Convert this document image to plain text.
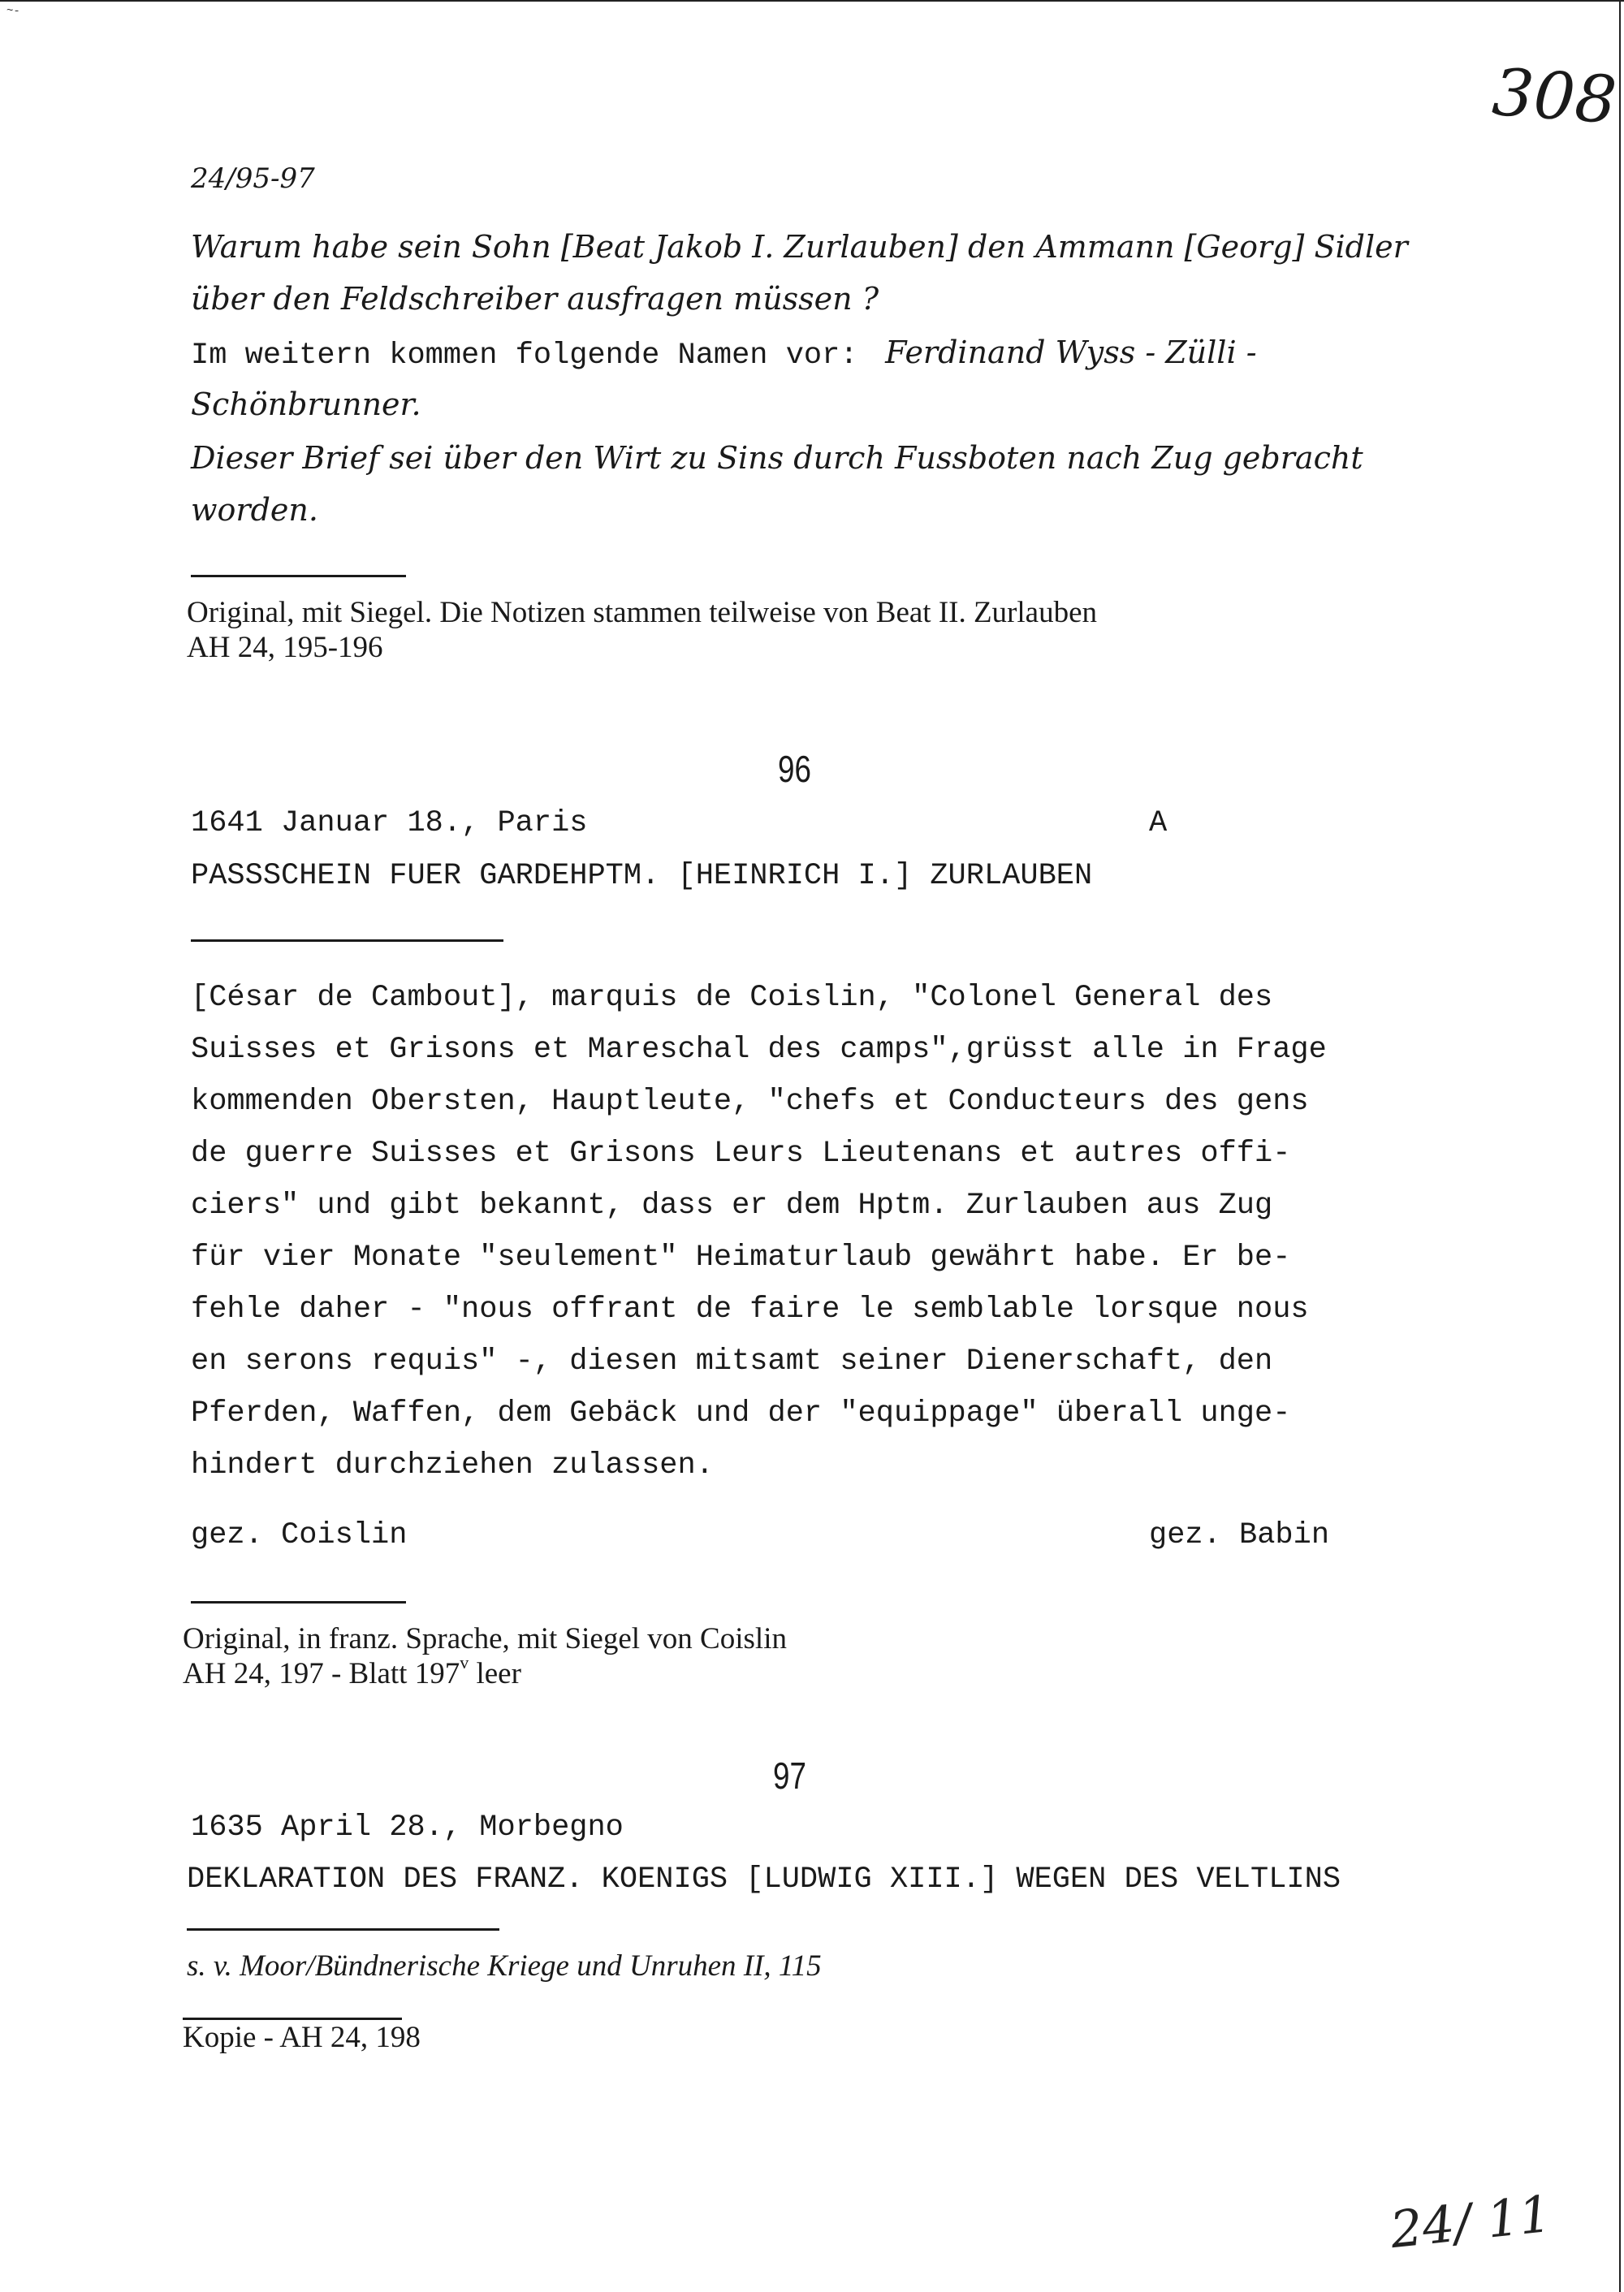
~-
308
24/95-97
Warum habe sein Sohn [Beat Jakob I. Zurlauben] den Ammann [Georg] Sidler
über den Feldschreiber ausfragen müssen ?
Im weitern kommen folgende Namen vor: Ferdinand Wyss - Zülli -
Schönbrunner.
Dieser Brief sei über den Wirt zu Sins durch Fussboten nach Zug gebracht
worden.
Original, mit Siegel. Die Notizen stammen teilweise von Beat II. Zurlauben
AH 24, 195-196
96
1641 Januar 18., Paris	A
PASSSCHEIN FUER GARDEHPTM. [HEINRICH I.] ZURLAUBEN
[César de Cambout], marquis de Coislin, "Colonel General des
Suisses et Grisons et Mareschal des camps",grüsst alle in Frage
kommenden Obersten, Hauptleute, "chefs et Conducteurs des gens
de guerre Suisses et Grisons Leurs Lieutenans et autres offi-
ciers" und gibt bekannt, dass er dem Hptm. Zurlauben aus Zug
für vier Monate "seulement" Heimaturlaub gewährt habe. Er be-
fehle daher - "nous offrant de faire le semblable lorsque nous
en serons requis" -, diesen mitsamt seiner Dienerschaft, den
Pferden, Waffen, dem Gebäck und der "equippage" überall unge-
hindert durchziehen zulassen.
gez. Coislin	gez. Babin
Original, in franz. Sprache, mit Siegel von Coislin
AH 24, 197 - Blatt 197$^v$ leer
97
1635 April 28., Morbegno
DEKLARATION DES FRANZ. KOENIGS [LUDWIG XIII.] WEGEN DES VELTLINS
s. v. Moor/Bündnerische Kriege und Unruhen II, 115
Kopie - AH 24, 198
24/ 11
